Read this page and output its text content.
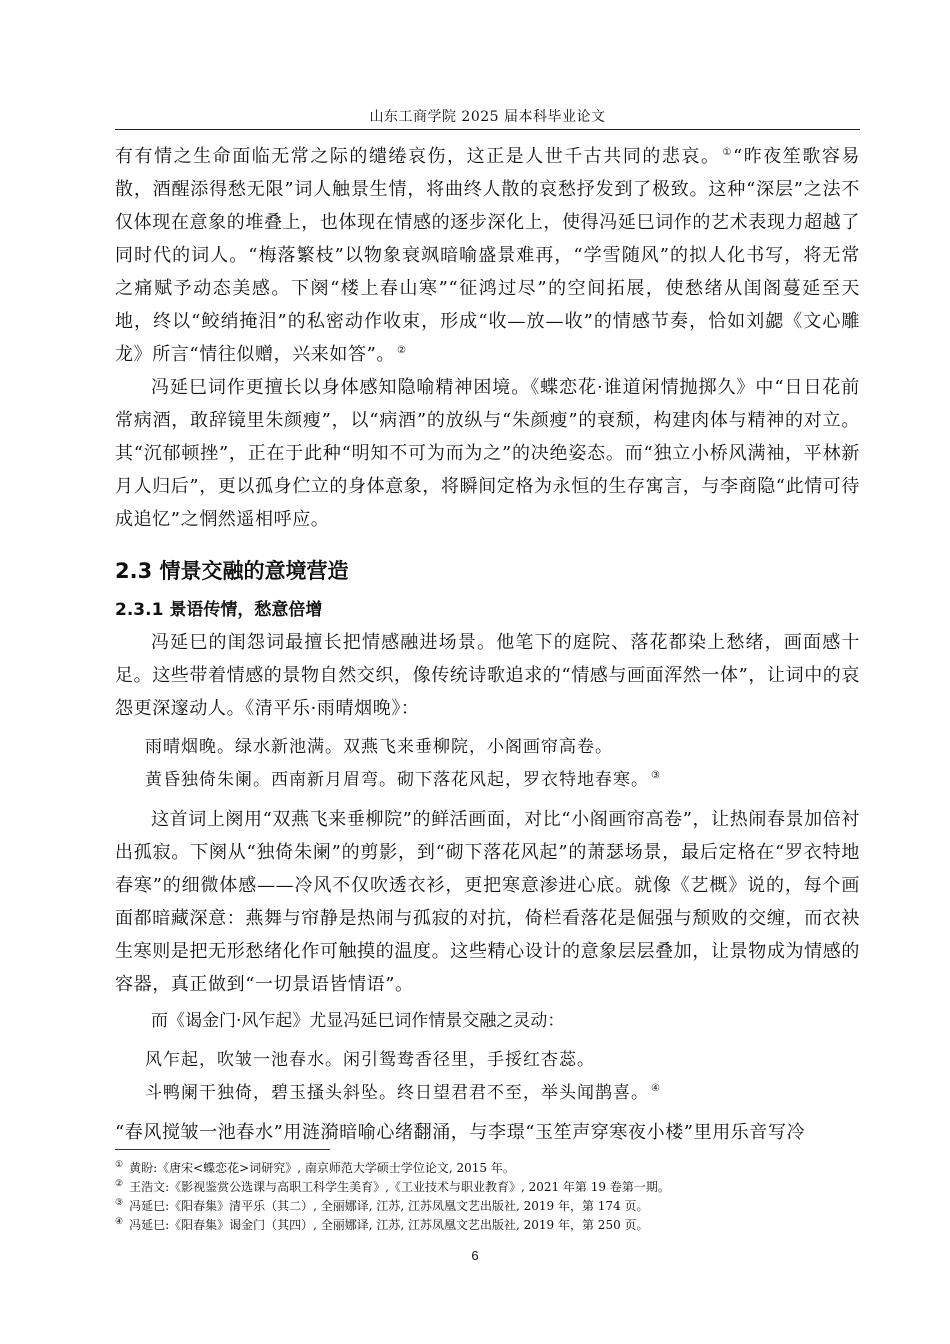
山东工商学院 2025 届本科毕业论文

有有情之生命面临无常之际的缱绻哀伤，这正是人世千古共同的悲哀。 ①“昨夜笙歌容易散，酒醒添得愁无限”词人触景生情，将曲终人散的哀愁抒发到了极致。这种“深层”之法不仅体现在意象的堆叠上，也体现在情感的逐步深化上，使得冯延巳词作的艺术表现力超越了同时代的词人。“梅落繁枝”以物象衰飒暗喻盛景难再，“学雪随风”的拟人化书写，将无常之痛赋予动态美感。下阕“楼上春山寒”“征鸿过尽”的空间拓展，使愁绪从闺阁蔓延至天地，终以“鲛绡掩泪”的私密动作收束，形成“收—放—收”的情感节奏，恰如刘勰《文心雕龙》所言“情往似赠，兴来如答”。 ②

冯延巳词作更擅长以身体感知隐喻精神困境。《蝶恋花·谁道闲情抛掷久》中“日日花前常病酒，敢辞镜里朱颜瘦”，以“病酒”的放纵与“朱颜瘦”的衰颓，构建肉体与精神的对立。其“沉郁顿挫”，正在于此种“明知不可为而为之”的决绝姿态。而“独立小桥风满袖，平林新月人归后”，更以孤身伫立的身体意象，将瞬间定格为永恒的生存寓言，与李商隐“此情可待成追忆”之惘然遥相呼应。

2.3 情景交融的意境营造
2.3.1 景语传情，愁意倍增

冯延巳的闺怨词最擅长把情感融进场景。他笔下的庭院、落花都染上愁绪，画面感十足。这些带着情感的景物自然交织，像传统诗歌追求的“情感与画面浑然一体”，让词中的哀怨更深邃动人。《清平乐·雨晴烟晚》：

雨晴烟晚。绿水新池满。双燕飞来垂柳院，小阁画帘高卷。
黄昏独倚朱阑。西南新月眉弯。砌下落花风起，罗衣特地春寒。 ③

这首词上阕用“双燕飞来垂柳院”的鲜活画面，对比“小阁画帘高卷”，让热闹春景加倍衬出孤寂。下阕从“独倚朱阑”的剪影，到“砌下落花风起”的萧瑟场景，最后定格在“罗衣特地春寒”的细微体感——冷风不仅吹透衣衫，更把寒意渗进心底。就像《艺概》说的，每个画面都暗藏深意：燕舞与帘静是热闹与孤寂的对抗，倚栏看落花是倔强与颓败的交缠，而衣袂生寒则是把无形愁绪化作可触摸的温度。这些精心设计的意象层层叠加，让景物成为情感的容器，真正做到“一切景语皆情语”。

而《谒金门·风乍起》尤显冯延巳词作情景交融之灵动：
风乍起，吹皱一池春水。闲引鸳鸯香径里，手挼红杏蕊。
斗鸭阑干独倚，碧玉搔头斜坠。终日望君君不至，举头闻鹊喜。 ④

“春风搅皱一池春水”用涟漪暗喻心绪翻涌，与李璟“玉笙声穿寒夜小楼”里用乐音写冷

① 黄盼:《唐宋<蝶恋花>词研究》, 南京师范大学硕士学位论文, 2015 年。
② 王浩文:《影视鉴赏公选课与高职工科学生美育》,《工业技术与职业教育》, 2021 年第 19 卷第一期。
③ 冯延巳:《阳春集》清平乐（其二）, 全丽娜译, 江苏, 江苏凤凰文艺出版社, 2019 年，第 174 页。
④ 冯延巳:《阳春集》谒金门（其四）, 全丽娜译, 江苏, 江苏凤凰文艺出版社, 2019 年，第 250 页。
6
